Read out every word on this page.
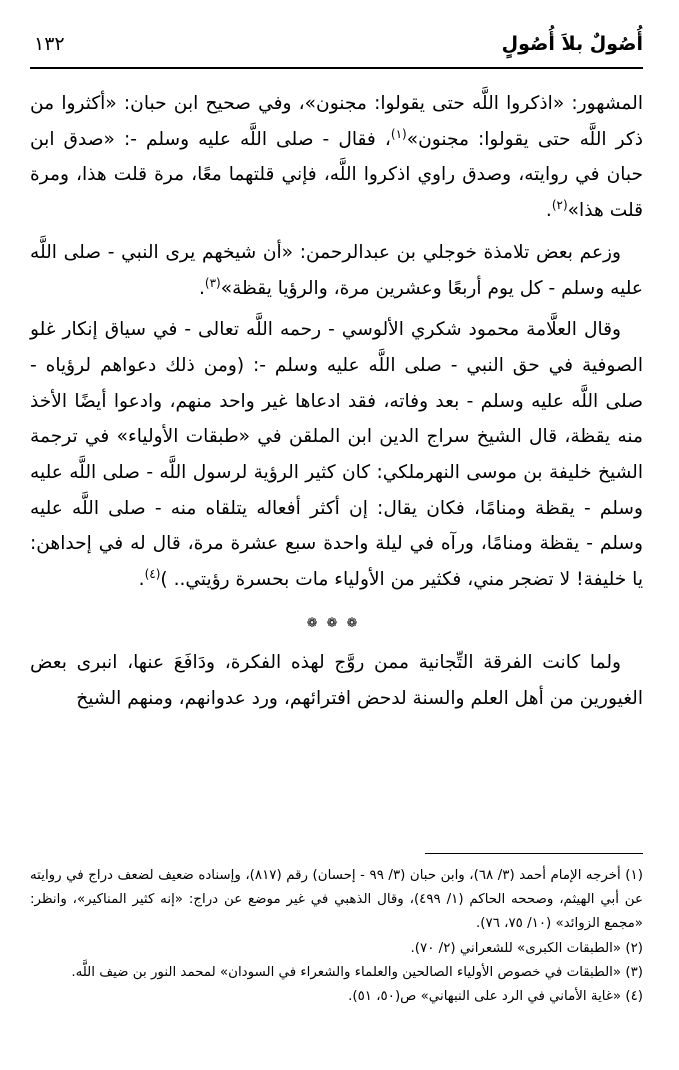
أُصُولٌ بلاَ أُصُولٍ
١٣٢

المشهور: «اذكروا اللَّه حتى يقولوا: مجنون»، وفي صحيح ابن حبان: «أكثروا من ذكر اللَّه حتى يقولوا: مجنون»$^{(١)}$، فقال - صلى اللَّه عليه وسلم -: «صدق ابن حبان في روايته، وصدق راوي اذكروا اللَّه، فإني قلتهما معًا، مرة قلت هذا، ومرة قلت هذا»$^{(٢)}$.

وزعم بعض تلامذة خوجلي بن عبدالرحمن: «أن شيخهم يرى النبي - صلى اللَّه عليه وسلم - كل يوم أربعًا وعشرين مرة، والرؤيا يقظة»$^{(٣)}$.

وقال العلَّامة محمود شكري الألوسي - رحمه اللَّه تعالى - في سياق إنكار غلو الصوفية في حق النبي - صلى اللَّه عليه وسلم -: (ومن ذلك دعواهم لرؤياه - صلى اللَّه عليه وسلم - بعد وفاته، فقد ادعاها غير واحد منهم، وادعوا أيضًا الأخذ منه يقظة، قال الشيخ سراج الدين ابن الملقن في «طبقات الأولياء» في ترجمة الشيخ خليفة بن موسى النهرملكي: كان كثير الرؤية لرسول اللَّه - صلى اللَّه عليه وسلم - يقظة ومنامًا، فكان يقال: إن أكثر أفعاله يتلقاه منه - صلى اللَّه عليه وسلم - يقظة ومنامًا، ورآه في ليلة واحدة سبع عشرة مرة، قال له في إحداهن: يا خليفة! لا تضجر مني، فكثير من الأولياء مات بحسرة رؤيتي.. )$^{(٤)}$.

❁❁❁

ولما كانت الفرقة التِّجانية ممن روَّج لهذه الفكرة، ودَافَعَ عنها، انبرى بعض الغيورين من أهل العلم والسنة لدحض افترائهم، ورد عدوانهم، ومنهم الشيخ

(١) أخرجه الإمام أحمد (٣/ ٦٨)، وابن حبان (٣/ ٩٩ - إحسان) رقم (٨١٧)، وإسناده ضعيف لضعف دراج في روايته عن أبي الهيثم، وصححه الحاكم (١/ ٤٩٩)، وقال الذهبي في غير موضع عن دراج: «إنه كثير المناكير»، وانظر: «مجمع الزوائد» (١٠/ ٧٥، ٧٦).

(٢) «الطبقات الكبرى» للشعراني (٢/ ٧٠).

(٣) «الطبقات في خصوص الأولياء الصالحين والعلماء والشعراء في السودان» لمحمد النور بن ضيف اللَّه.

(٤) «غاية الأماني في الرد على النبهاني» ص(٥٠، ٥١).
